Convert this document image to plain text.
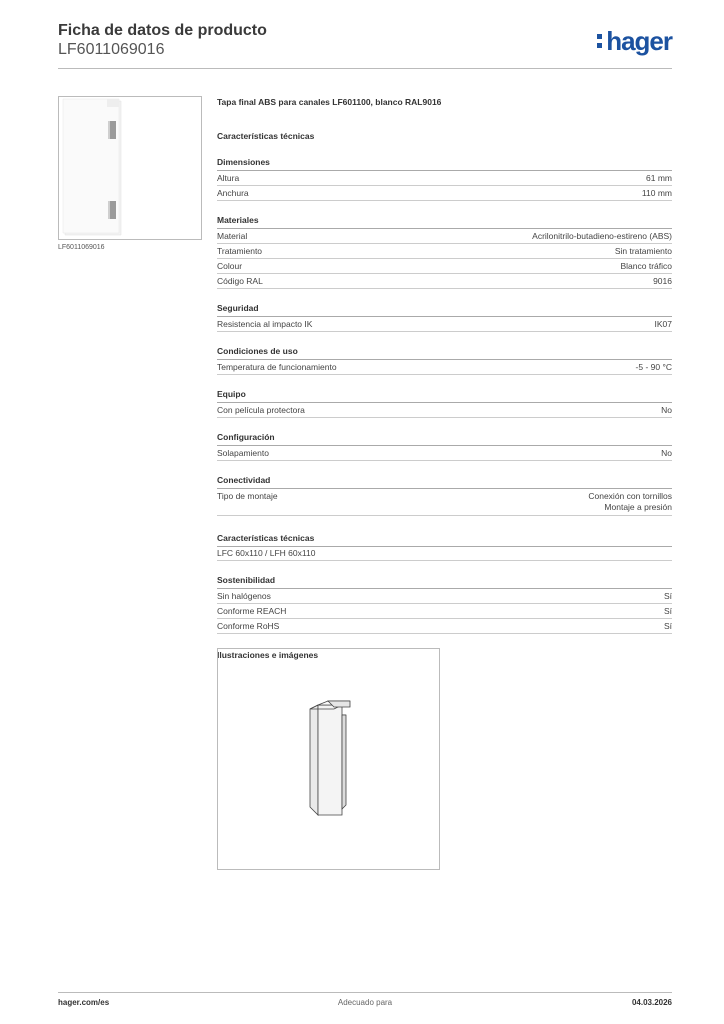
Ficha de datos de producto
LF6011069016	hager
LF6011069016
Tapa final ABS para canales LF601100, blanco RAL9016
Características técnicas
Dimensiones
Altura	61 mm
Anchura	110 mm
Materiales
Material	Acrilonitrilo-butadieno-estireno (ABS)
Tratamiento	Sin tratamiento
Colour	Blanco tráfico
Código RAL	9016
Seguridad
Resistencia al impacto IK	IK07
Condiciones de uso
Temperatura de funcionamiento	-5 - 90 °C
Equipo
Con película protectora	No
Configuración
Solapamiento	No
Conectividad
Tipo de montaje	Conexión con tornillos
Montaje a presión
Características técnicas
LFC 60x110 / LFH 60x110
Sostenibilidad
Sin halógenos	Sí
Conforme REACH	Sí
Conforme RoHS	Sí
Ilustraciones e imágenes
hager.com/es	Adecuado para	04.03.2026
